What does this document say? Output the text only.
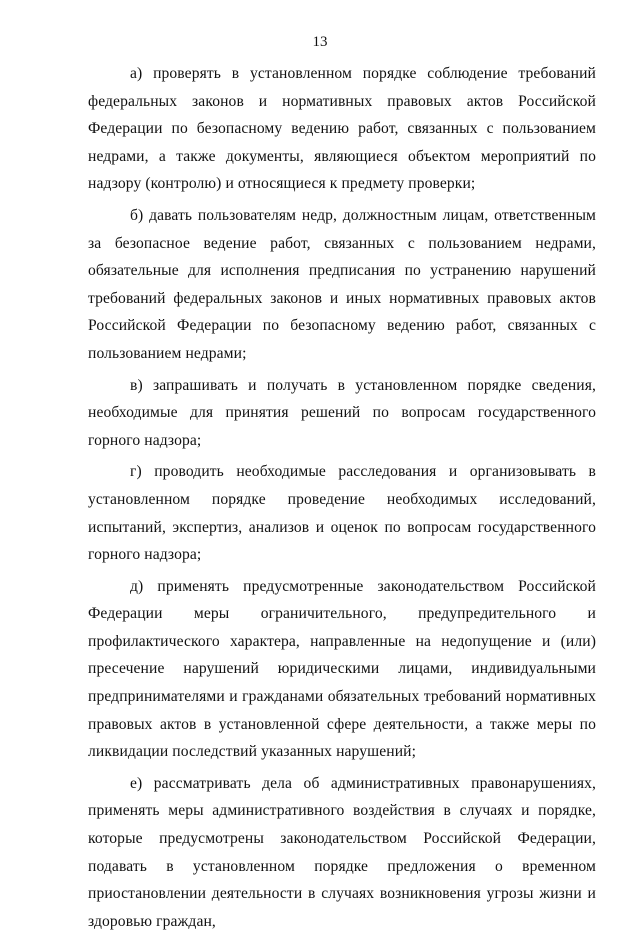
13

а) проверять в установленном порядке соблюдение требований федеральных законов и нормативных правовых актов Российской Федерации по безопасному ведению работ, связанных с пользованием недрами, а также документы, являющиеся объектом мероприятий по надзору (контролю) и относящиеся к предмету проверки;

б) давать пользователям недр, должностным лицам, ответственным за безопасное ведение работ, связанных с пользованием недрами, обязательные для исполнения предписания по устранению нарушений требований федеральных законов и иных нормативных правовых актов Российской Федерации по безопасному ведению работ, связанных с пользованием недрами;

в) запрашивать и получать в установленном порядке сведения, необходимые для принятия решений по вопросам государственного горного надзора;

г) проводить необходимые расследования и организовывать в установленном порядке проведение необходимых исследований, испытаний, экспертиз, анализов и оценок по вопросам государственного горного надзора;

д) применять предусмотренные законодательством Российской Федерации меры ограничительного, предупредительного и профилактического характера, направленные на недопущение и (или) пресечение нарушений юридическими лицами, индивидуальными предпринимателями и гражданами обязательных требований нормативных правовых актов в установленной сфере деятельности, а также меры по ликвидации последствий указанных нарушений;

е) рассматривать дела об административных правонарушениях, применять меры административного воздействия в случаях и порядке, которые предусмотрены законодательством Российской Федерации, подавать в установленном порядке предложения о временном приостановлении деятельности в случаях возникновения угрозы жизни и здоровью граждан,
